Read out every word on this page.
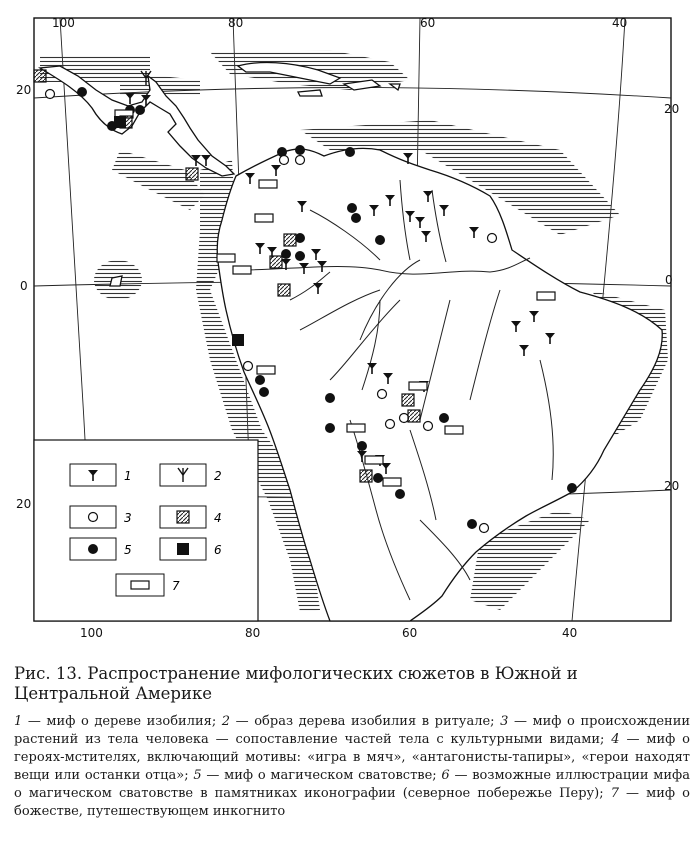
1	2
3	4
5	6
7
100	80	60	40
100	80	60	40
20
0
20
20
0
20
Рис. 13. Распространение мифологических сюжетов в Южной и Центральной Америке
1 — миф о дереве изобилия; 2 — образ дерева изобилия в ритуале; 3 — миф о происхождении растений из тела человека — сопоставление частей тела с культурными видами; 4 — миф о героях-мстителях, включающий мотивы: «игра в мяч», «антагонисты-тапиры», «герои находят вещи или останки отца»; 5 — миф о магическом сватовстве; 6 — возможные иллюстрации мифа о магическом сватовстве в памятниках иконографии (северное побережье Перу); 7 — миф о божестве, путешествующем инкогнито
